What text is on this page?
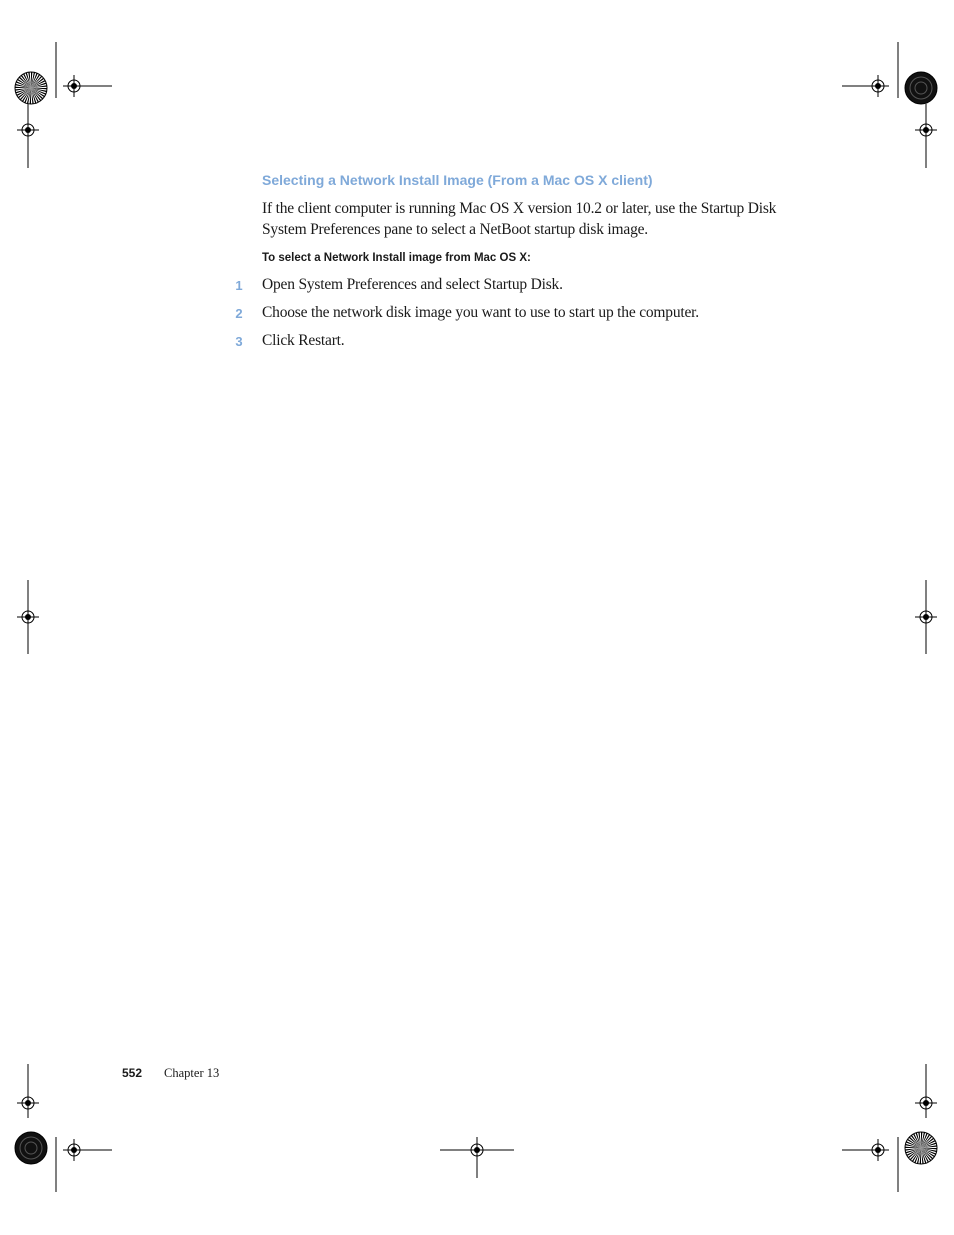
Selecting a Network Install Image (From a Mac OS X client)

If the client computer is running Mac OS X version 10.2 or later, use the Startup Disk System Preferences pane to select a NetBoot startup disk image.

To select a Network Install image from Mac OS X:
1 Open System Preferences and select Startup Disk.
2 Choose the network disk image you want to use to start up the computer.
3 Click Restart.
552 Chapter 13
